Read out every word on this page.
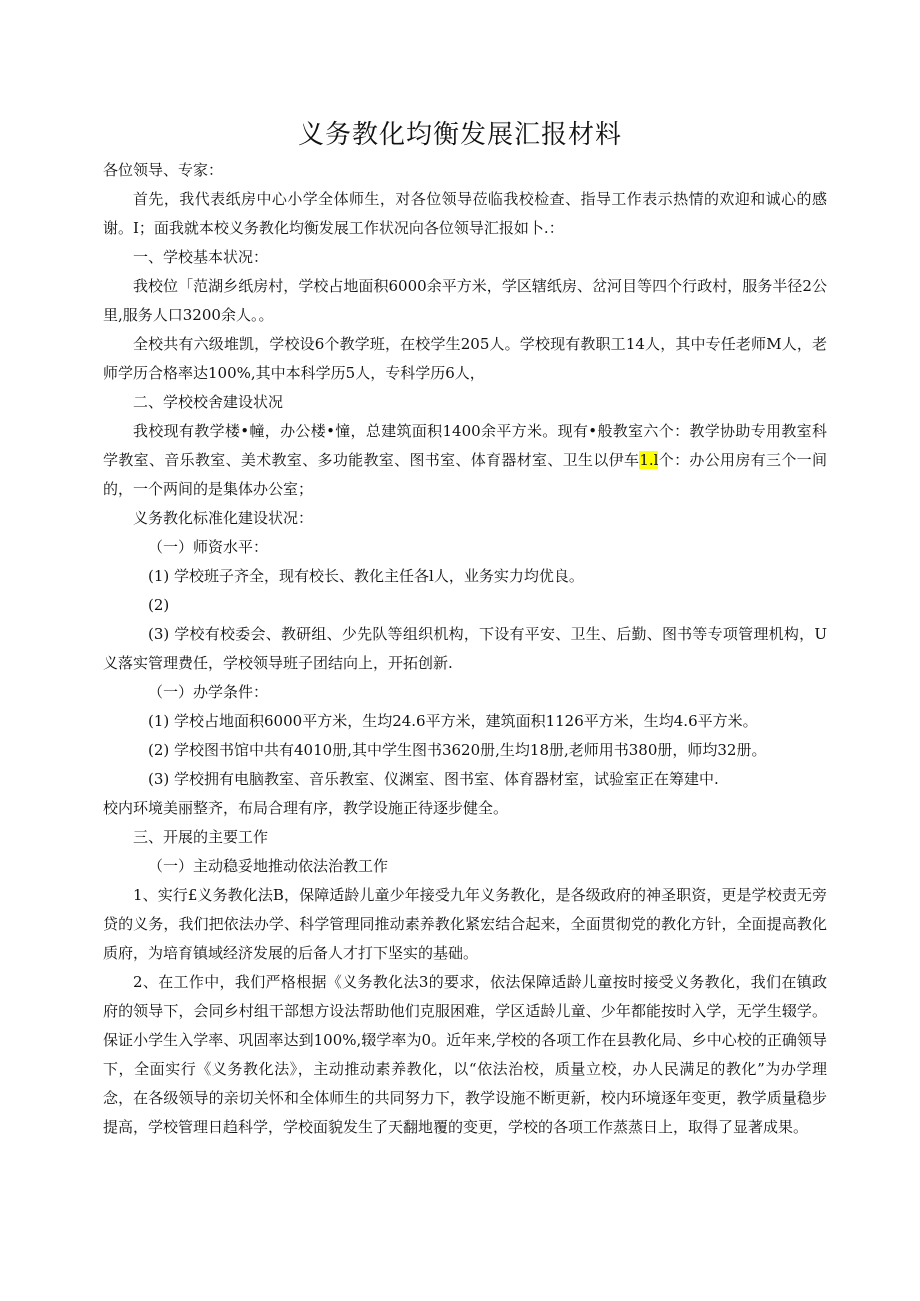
义务教化均衡发展汇报材料

各位领导、专家：

首先，我代表纸房中心小学全体师生，对各位领导莅临我校检查、指导工作表示热情的欢迎和诚心的感谢。I；面我就本校义务教化均衡发展工作状况向各位领导汇报如卜.：

一、学校基本状况：

我校位「范湖乡纸房村，学校占地面积6000余平方米，学区辖纸房、岔河目等四个行政村，服务半径2公里,服务人口3200余人。。

全校共有六级堆凯，学校设6个教学班，在校学生205人。学校现有教职工14人，其中专任老师M人，老师学历合格率达100%,其中本科学历5人，专科学历6人，

二、学校校舍建设状况

我校现有教学楼•幢，办公楼•憧，总建筑面积1400余平方米。现有•般教室六个：教学协助专用教室科学教室、音乐教室、美术教室、多功能教室、图书室、体育器材室、卫生以伊车1.l个：办公用房有三个一间的，一个两间的是集体办公室；

义务教化标准化建设状况：

（一）师资水平：

(1) 学校班子齐全，现有校长、教化主任各l人，业务实力均优良。

(2)

(3) 学校有校委会、教研组、少先队等组织机构，下设有平安、卫生、后勤、图书等专项管理机构，U义落实管理费任，学校领导班子团结向上，开拓创新.

（一）办学条件：

(1) 学校占地面积6000平方米，生均24.6平方米，建筑面积1126平方米，生均4.6平方米。

(2) 学校图书馆中共有4010册,其中学生图书3620册,生均18册,老师用书380册，师均32册。

(3) 学校拥有电脑教室、音乐教室、仪渊室、图书室、体育器材室，试验室正在筹建中.

校内环境美丽整齐，布局合理有序，教学设施正待逐步健全。

三、开展的主要工作

（一）主动稳妥地推动依法治教工作

1、实行£义务教化法B，保障适龄儿童少年接受九年义务教化，是各级政府的神圣职资，更是学校责无旁贷的义务，我们把依法办学、科学管理同推动素养教化紧宏结合起来，全面贯彻党的教化方针，全面提高教化质府，为培育镇域经济发展的后备人才打下坚实的基础。

2、在工作中，我们严格根据《义务教化法3的要求，依法保障适龄儿童按时接受义务教化，我们在镇政府的领导下，会同乡村组干部想方设法帮助他们克服困难，学区适龄儿童、少年都能按时入学，无学生辍学。保证小学生入学率、巩固率达到100%,辍学率为0。近年来,学校的各项工作在县教化局、乡中心校的正确领导下，全面实行《义务教化法》，主动推动素养教化，以“依法治校，质量立校，办人民满足的教化”为办学理念，在各级领导的亲切关怀和全体师生的共同努力下，教学设施不断更新，校内环境逐年变更，教学质量稳步提高，学校管理日趋科学，学校面貌发生了天翻地覆的变更，学校的各项工作蒸蒸日上，取得了显著成果。
